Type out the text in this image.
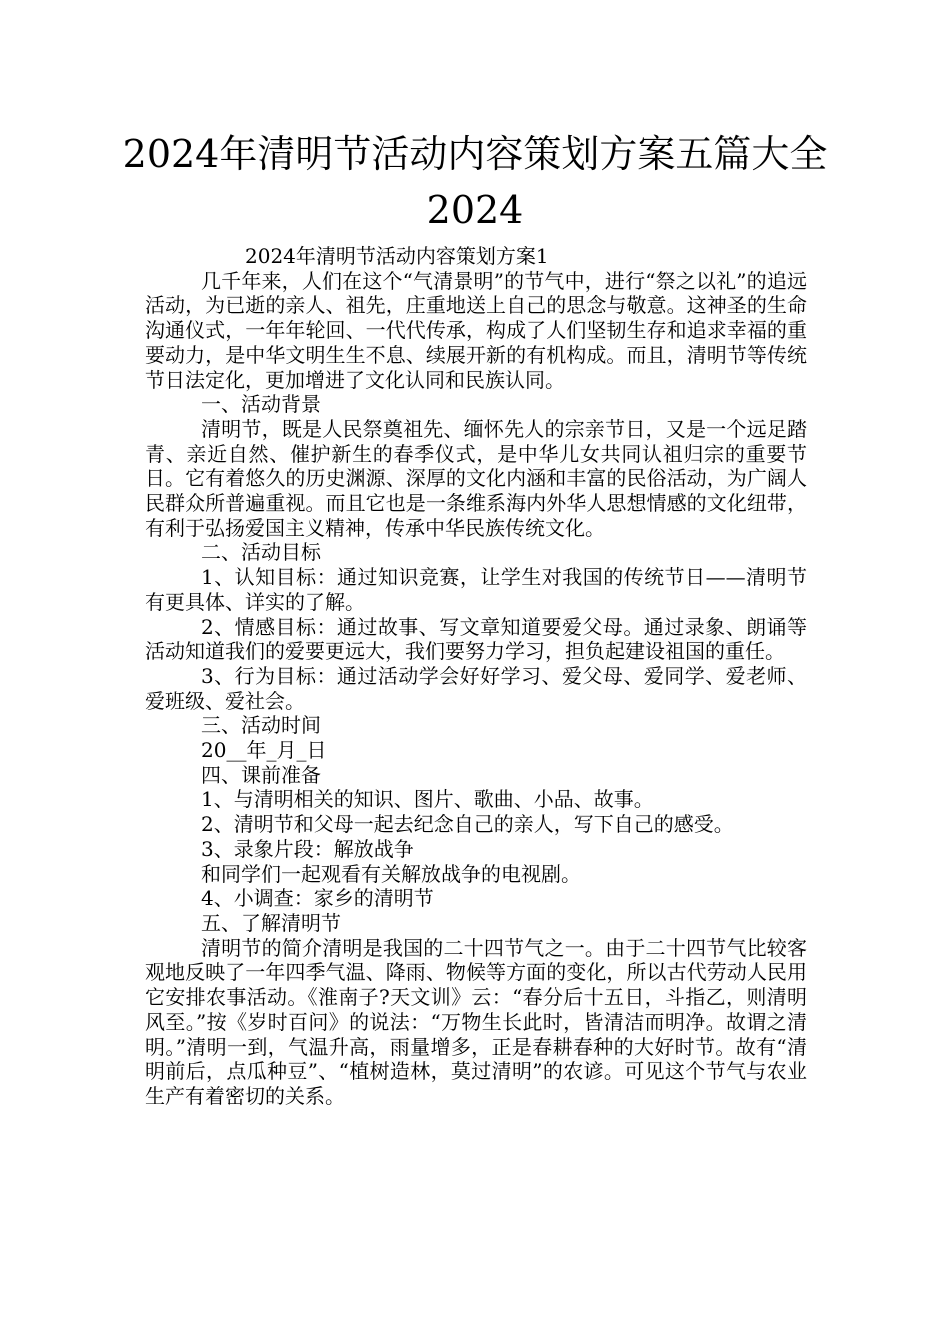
2024年清明节活动内容策划方案五篇大全
2024

2024年清明节活动内容策划方案1

几千年来，人们在这个“气清景明”的节气中，进行“祭之以礼”的追远活动，为已逝的亲人、祖先，庄重地送上自己的思念与敬意。这神圣的生命沟通仪式，一年年轮回、一代代传承，构成了人们坚韧生存和追求幸福的重要动力，是中华文明生生不息、续展开新的有机构成。而且，清明节等传统节日法定化，更加增进了文化认同和民族认同。

一、活动背景

清明节，既是人民祭奠祖先、缅怀先人的宗亲节日，又是一个远足踏青、亲近自然、催护新生的春季仪式，是中华儿女共同认祖归宗的重要节日。它有着悠久的历史渊源、深厚的文化内涵和丰富的民俗活动，为广阔人民群众所普遍重视。而且它也是一条维系海内外华人思想情感的文化纽带，有利于弘扬爱国主义精神，传承中华民族传统文化。

二、活动目标

1、认知目标：通过知识竞赛，让学生对我国的传统节日——清明节有更具体、详实的了解。

2、情感目标：通过故事、写文章知道要爱父母。通过录象、朗诵等活动知道我们的爱要更远大，我们要努力学习，担负起建设祖国的重任。

3、行为目标：通过活动学会好好学习、爱父母、爱同学、爱老师、爱班级、爱社会。

三、活动时间

20__年_月_日

四、课前准备

1、与清明相关的知识、图片、歌曲、小品、故事。

2、清明节和父母一起去纪念自己的亲人，写下自己的感受。

3、录象片段：解放战争

和同学们一起观看有关解放战争的电视剧。

4、小调查：家乡的清明节

五、了解清明节

清明节的简介清明是我国的二十四节气之一。由于二十四节气比较客观地反映了一年四季气温、降雨、物候等方面的变化，所以古代劳动人民用它安排农事活动。《淮南子?天文训》云：“春分后十五日，斗指乙，则清明风至。”按《岁时百问》的说法：“万物生长此时，皆清洁而明净。故谓之清明。”清明一到，气温升高，雨量增多，正是春耕春种的大好时节。故有“清明前后，点瓜种豆”、“植树造林，莫过清明”的农谚。可见这个节气与农业生产有着密切的关系。
